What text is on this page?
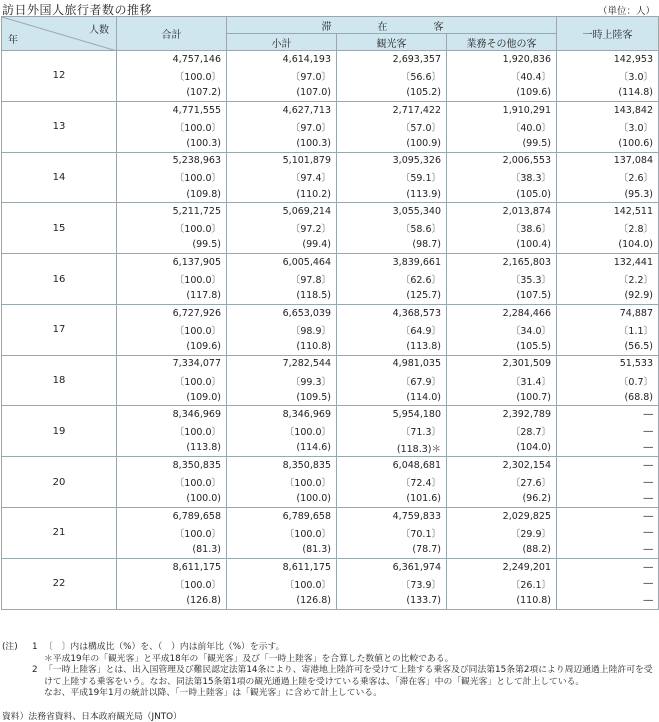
訪日外国人旅行者数の推移	（単位：人）
人数
年	合計	滞　在　客			一時上陸客
		小計	観光客	業務その他の客	
12	4,757,146	4,614,193	2,693,357	1,920,836	142,953
	〔100.0〕	〔97.0〕	〔56.6〕	〔40.4〕	〔3.0〕
	(107.2)	(107.0)	(105.2)	(109.6)	(114.8)
13	4,771,555	4,627,713	2,717,422	1,910,291	143,842
	〔100.0〕	〔97.0〕	〔57.0〕	〔40.0〕	〔3.0〕
	(100.3)	(100.3)	(100.9)	(99.5)	(100.6)
14	5,238,963	5,101,879	3,095,326	2,006,553	137,084
	〔100.0〕	〔97.4〕	〔59.1〕	〔38.3〕	〔2.6〕
	(109.8)	(110.2)	(113.9)	(105.0)	(95.3)
15	5,211,725	5,069,214	3,055,340	2,013,874	142,511
	〔100.0〕	〔97.2〕	〔58.6〕	〔38.6〕	〔2.8〕
	(99.5)	(99.4)	(98.7)	(100.4)	(104.0)
16	6,137,905	6,005,464	3,839,661	2,165,803	132,441
	〔100.0〕	〔97.8〕	〔62.6〕	〔35.3〕	〔2.2〕
	(117.8)	(118.5)	(125.7)	(107.5)	(92.9)
17	6,727,926	6,653,039	4,368,573	2,284,466	74,887
	〔100.0〕	〔98.9〕	〔64.9〕	〔34.0〕	〔1.1〕
	(109.6)	(110.8)	(113.8)	(105.5)	(56.5)
18	7,334,077	7,282,544	4,981,035	2,301,509	51,533
	〔100.0〕	〔99.3〕	〔67.9〕	〔31.4〕	〔0.7〕
	(109.0)	(109.5)	(114.0)	(100.7)	(68.8)
19	8,346,969	8,346,969	5,954,180	2,392,789	―
	〔100.0〕	〔100.0〕	〔71.3〕	〔28.7〕	―
	(113.8)	(114.6)	(118.3)＊	(104.0)	―
20	8,350,835	8,350,835	6,048,681	2,302,154	―
	〔100.0〕	〔100.0〕	〔72.4〕	〔27.6〕	―
	(100.0)	(100.0)	(101.6)	(96.2)	―
21	6,789,658	6,789,658	4,759,833	2,029,825	―
	〔100.0〕	〔100.0〕	〔70.1〕	〔29.9〕	―
	(81.3)	(81.3)	(78.7)	(88.2)	―
22	8,611,175	8,611,175	6,361,974	2,249,201	―
	〔100.0〕	〔100.0〕	〔73.9〕	〔26.1〕	―
	(126.8)	(126.8)	(133.7)	(110.8)	―
(注)	1 〔　〕内は構成比（%）を、（　）内は前年比（%）を示す。
＊平成19年の「観光客」と平成18年の「観光客」及び「一時上陸客」を合算した数値との比較である。
2 「一時上陸客」とは、出入国管理及び難民認定法第14条により、寄港地上陸許可を受けて上陸する乗客及び同法第15条第2項により周辺通過上陸許可を受けて上陸する乗客をいう。なお、同法第15条第1項の観光通過上陸を受けている乗客は、「滞在客」中の「観光客」として計上している。
なお、平成19年1月の統計以降、「一時上陸客」は「観光客」に含めて計上している。
資料）法務省資料、日本政府観光局（JNTO）
